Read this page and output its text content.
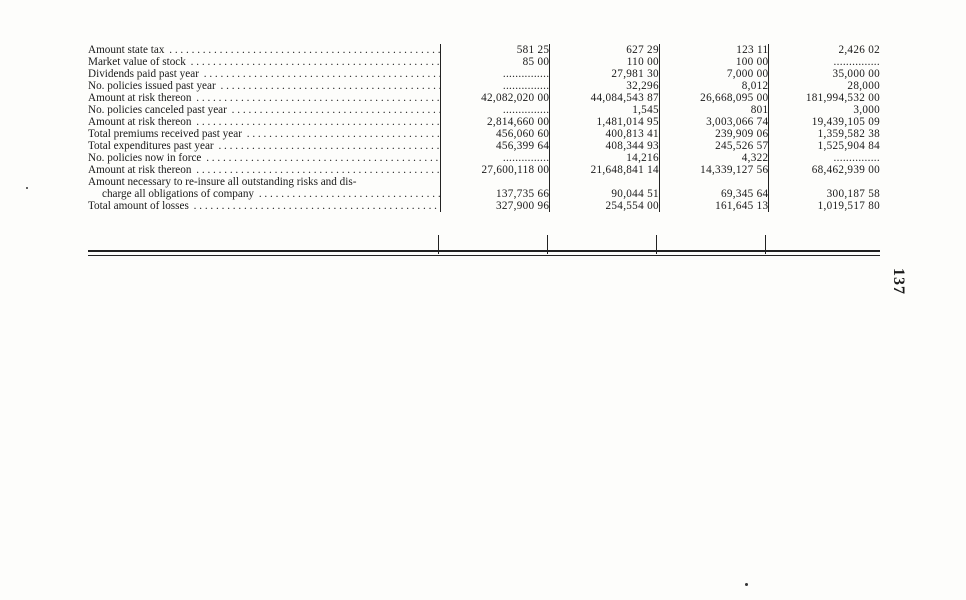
Amount state tax . . .	581 25	627 29	123 11	2,426 02
Market value of stock . . .	85 00	110 00	100 00	...............
Dividends paid past year . . .	...............	27,981 30	7,000 00	35,000 00
No. policies issued past year . . .	...............	32,296	8,012	28,000
Amount at risk thereon . . .	42,082,020 00	44,084,543 87	26,668,095 00	181,994,532 00
No. policies canceled past year . . .	...............	1,545	801	3,000
Amount at risk thereon . . .	2,814,660 00	1,481,014 95	3,003,066 74	19,439,105 09
Total premiums received past year . . .	456,060 60	400,813 41	239,909 06	1,359,582 38
Total expenditures past year . . .	456,399 64	408,344 93	245,526 57	1,525,904 84
No. policies now in force . . .	...............	14,216	4,322	...............
Amount at risk thereon . . .	27,600,118 00	21,648,841 14	14,339,127 56	68,462,939 00
Amount necessary to re-insure all outstanding risks and dis-				
charge all obligations of company . . .	137,735 66	90,044 51	69,345 64	300,187 58
Total amount of losses . . .	327,900 96	254,554 00	161,645 13	1,019,517 80
137
